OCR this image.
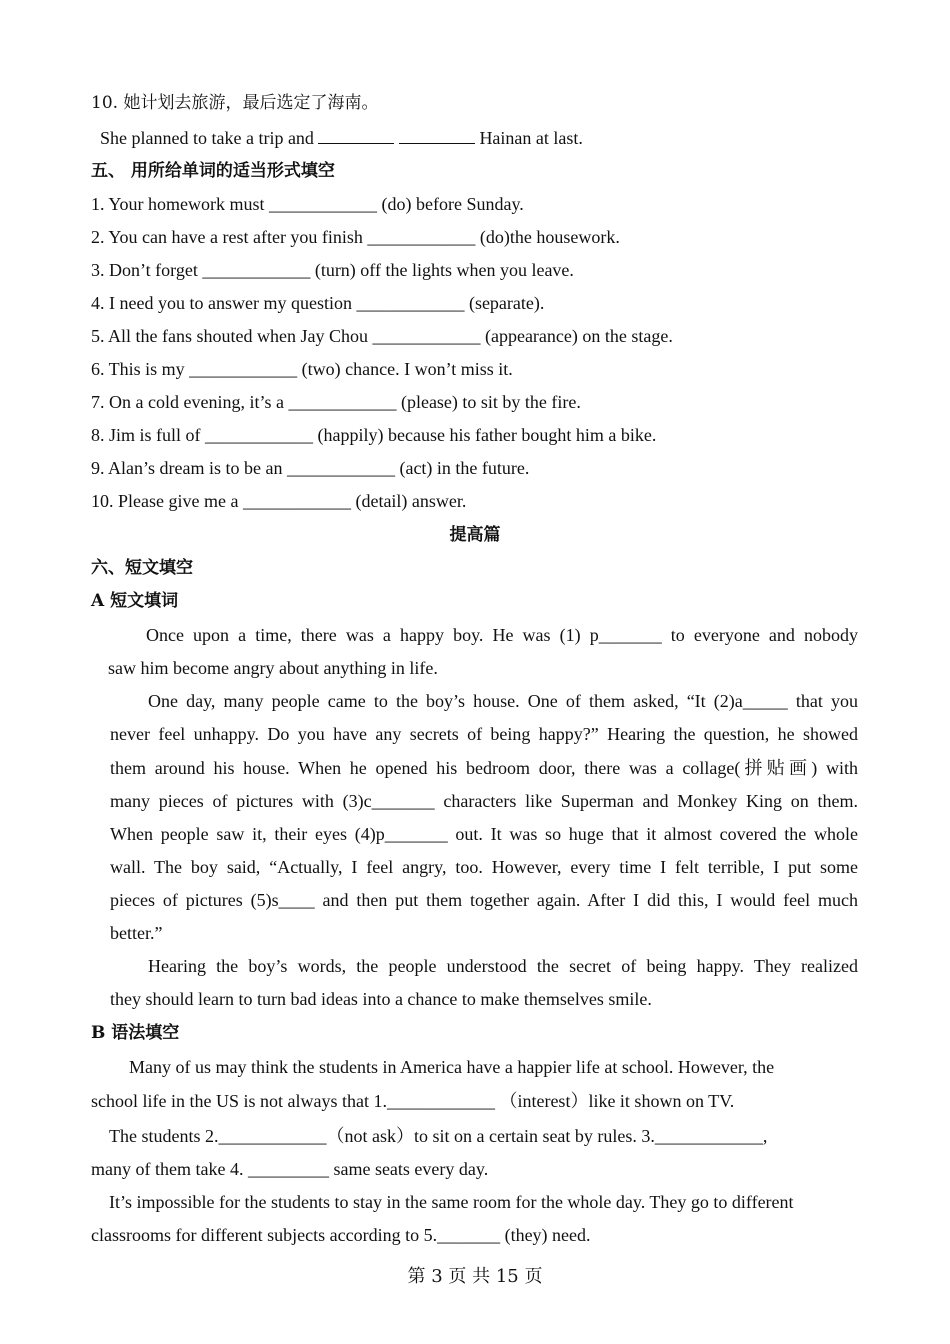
10. 她计划去旅游，最后选定了海南。
She planned to take a trip and	Hainan at last.
五、 用所给单词的适当形式填空
1. Your homework must ____________ (do) before Sunday.
2. You can have a rest after you finish ____________ (do)the housework.
3. Don’t forget ____________ (turn) off the lights when you leave.
4. I need you to answer my question ____________ (separate).
5. All the fans shouted when Jay Chou ____________ (appearance) on the stage.
6. This is my ____________ (two) chance. I won’t miss it.
7. On a cold evening, it’s a ____________ (please) to sit by the fire.
8. Jim is full of ____________ (happily) because his father bought him a bike.
9. Alan’s dream is to be an ____________ (act) in the future.
10. Please give me a ____________ (detail) answer.
提高篇
六、短文填空
A 短文填词
Once upon a time, there was a happy boy. He was (1) p_______ to everyone and nobody
saw him become angry about anything in life.
One day, many people came to the boy’s house. One of them asked, “It (2)a_____ that you
never feel unhappy. Do you have any secrets of being happy?” Hearing the question, he showed
them around his house. When he opened his bedroom door, there was a collage(拼贴画) with
many pieces of pictures with (3)c_______ characters like Superman and Monkey King on them.
When people saw it, their eyes (4)p_______ out. It was so huge that it almost covered the whole
wall. The boy said, “Actually, I feel angry, too. However, every time I felt terrible, I put some
pieces of pictures (5)s____ and then put them together again. After I did this, I would feel much
better.”
Hearing the boy’s words, the people understood the secret of being happy. They realized
they should learn to turn bad ideas into a chance to make themselves smile.
B 语法填空
Many of us may think the students in America have a happier life at school. However, the
school life in the US is not always that 1.____________ （interest）like it shown on TV.
The students 2.____________（not ask）to sit on a certain seat by rules. 3.____________,
many of them take 4. _________ same seats every day.
It’s impossible for the students to stay in the same room for the whole day. They go to different
classrooms for different subjects according to 5._______ (they) need.
第 3 页 共 15 页
